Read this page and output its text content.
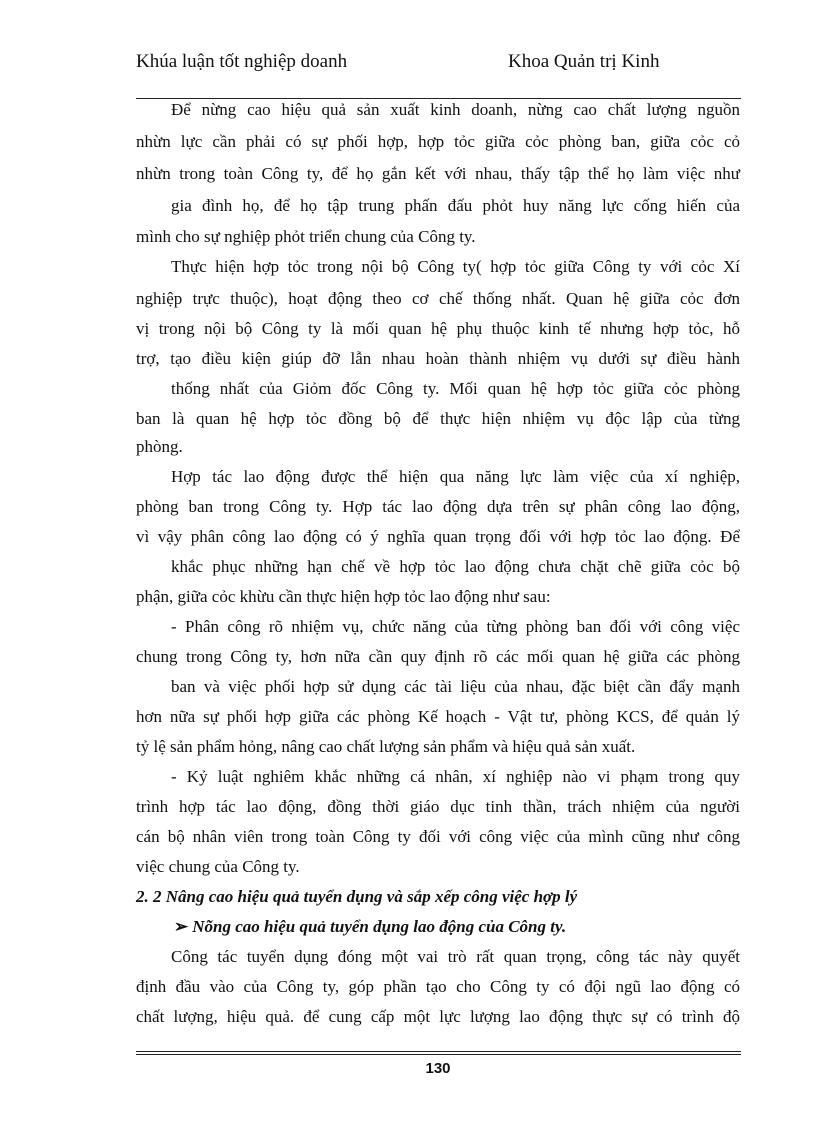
Khúa luận tốt nghiệp doanh	Khoa Quản trị Kinh
Để nừng cao hiệu quả sản xuất kinh doanh, nừng cao chất lượng nguồn
nhừn lực cần phải có sự phối hợp, hợp tỏc giữa cỏc phòng ban, giữa cỏc cỏ
nhừn trong toàn Công ty, để họ gắn kết với nhau, thấy tập thể họ làm việc như
gia đình họ, để họ tập trung phấn đấu phỏt huy năng lực cống hiến của
mình cho sự nghiệp phỏt triển chung của Công ty.
Thực hiện hợp tỏc trong nội bộ Công ty( hợp tỏc giữa Công ty với cỏc Xí
nghiệp trực thuộc), hoạt động theo cơ chế thống nhất. Quan hệ giữa cỏc đơn
vị trong nội bộ Công ty là mối quan hệ phụ thuộc kinh tế nhưng hợp tỏc, hỗ
trợ, tạo điều kiện giúp đỡ lẫn nhau hoàn thành nhiệm vụ dưới sự điều hành
thống nhất của Giỏm đốc Công ty. Mối quan hệ hợp tỏc giữa cỏc phòng
ban là quan hệ hợp tỏc đồng bộ để thực hiện nhiệm vụ độc lập của từng
phòng.
Hợp tác lao động được thể hiện qua năng lực làm việc của xí nghiệp,
phòng ban trong Công ty. Hợp tác lao động dựa trên sự phân công lao động,
vì vậy phân công lao động có ý nghĩa quan trọng đối với hợp tỏc lao động. Để
khắc phục những hạn chế về hợp tỏc lao động chưa chặt chẽ giữa cỏc bộ
phận, giữa cỏc khừu cần thực hiện hợp tỏc lao động như sau:
- Phân công rõ nhiệm vụ, chức năng của từng phòng ban đối với công việc
chung trong Công ty, hơn nữa cần quy định rõ các mối quan hệ giữa các phòng
ban và việc phối hợp sử dụng các tài liệu của nhau, đặc biệt cần đẩy mạnh
hơn nữa sự phối hợp giữa các phòng Kế hoạch - Vật tư, phòng KCS, để quản lý
tỷ lệ sản phẩm hỏng, nâng cao chất lượng sản phẩm và hiệu quả sản xuất.
- Kỷ luật nghiêm khắc những cá nhân, xí nghiệp nào vi phạm trong quy
trình hợp tác lao động, đồng thời giáo dục tinh thần, trách nhiệm của người
cán bộ nhân viên trong toàn Công ty đối với công việc của mình cũng như công
việc chung của Công ty.
2. 2 Nâng cao hiệu quả tuyển dụng và sắp xếp công việc hợp lý
➢ Nõng cao hiệu quả tuyển dụng lao động của Công ty.
Công tác tuyển dụng đóng một vai trò rất quan trọng, công tác này quyết
định đầu vào của Công ty, góp phần tạo cho Công ty có đội ngũ lao động có
chất lượng, hiệu quả. để cung cấp một lực lượng lao động thực sự có trình độ
130
